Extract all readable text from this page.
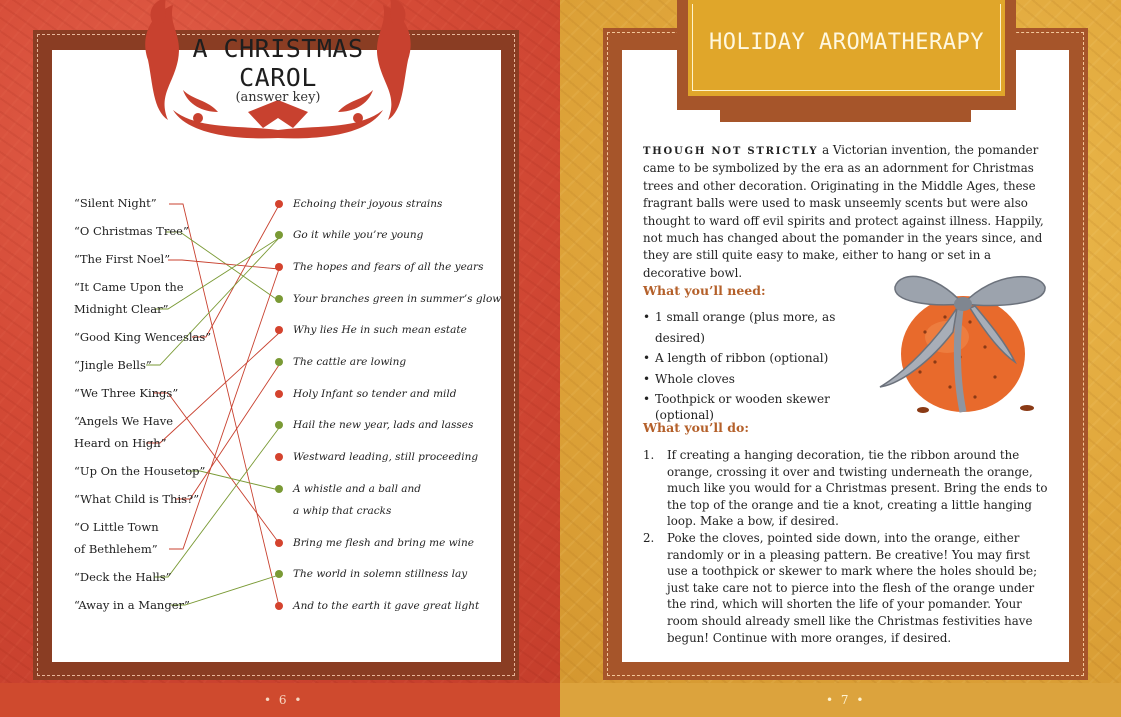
A CHRISTMAS
CAROL
(answer key)
“Silent Night”
“O Christmas Tree”
“The First Noel”
“It Came Upon the
Midnight Clear”
“Good King Wenceslas”
“Jingle Bells”
“We Three Kings”
“Angels We Have
Heard on High”
“Up On the Housetop”
“What Child is This?”
“O Little Town
of Bethlehem”
“Deck the Halls”
“Away in a Manger”
Echoing their joyous strains
Go it while you’re young
The hopes and fears of all the years
Your branches green in summer’s glow
Why lies He in such mean estate
The cattle are lowing
Holy Infant so tender and mild
Hail the new year, lads and lasses
Westward leading, still proceeding
A whistle and a ball and
a whip that cracks
Bring me flesh and bring me wine
The world in solemn stillness lay
And to the earth it gave great light
• 6 •
HOLIDAY AROMATHERAPY
THOUGH NOT STRICTLY a Victorian invention, the pomander came to be symbolized by the era as an adornment for Christmas trees and other decoration. Originating in the Middle Ages, these fragrant balls were used to mask unseemly scents but were also thought to ward off evil spirits and protect against illness. Happily, not much has changed about the pomander in the years since, and they are still quite easy to make, either to hang or set in a decorative bowl.
What you’ll need:
• 1 small orange (plus more, as desired)
• A length of ribbon (optional)
• Whole cloves
• Toothpick or wooden skewer (optional)
What you’ll do:
1. If creating a hanging decoration, tie the ribbon around the orange, crossing it over and twisting underneath the orange, much like you would for a Christmas present. Bring the ends to the top of the orange and tie a knot, creating a little hanging loop. Make a bow, if desired.
2. Poke the cloves, pointed side down, into the orange, either randomly or in a pleasing pattern. Be creative! You may first use a toothpick or skewer to mark where the holes should be; just take care not to pierce into the flesh of the orange under the rind, which will shorten the life of your pomander. Your room should already smell like the Christmas festivities have begun! Continue with more oranges, if desired.
• 7 •
